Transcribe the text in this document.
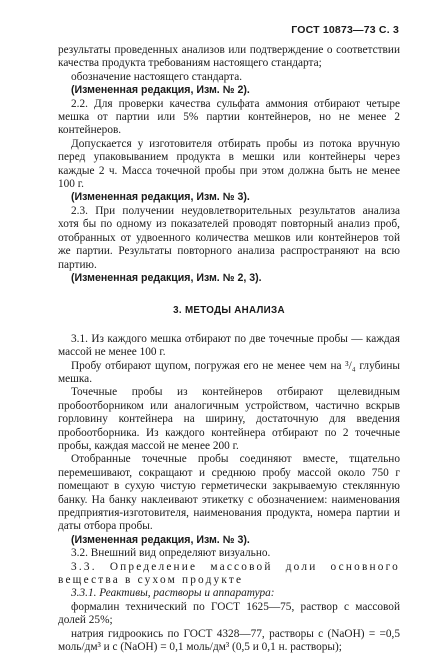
ГОСТ 10873—73 С. 3

результаты проведенных анализов или подтверждение о соответствии качества продукта требованиям настоящего стандарта;

обозначение настоящего стандарта.

(Измененная редакция, Изм. № 2).

2.2. Для проверки качества сульфата аммония отбирают четыре мешка от партии или 5% партии контейнеров, но не менее 2 контейнеров.

Допускается у изготовителя отбирать пробы из потока вручную перед упаковыванием продукта в мешки или контейнеры через каждые 2 ч. Масса точечной пробы при этом должна быть не менее 100 г.

(Измененная редакция, Изм. № 3).

2.3. При получении неудовлетворительных результатов анализа хотя бы по одному из показателей проводят повторный анализ проб, отобранных от удвоенного количества мешков или контейнеров той же партии. Результаты повторного анализа распространяют на всю партию.

(Измененная редакция, Изм. № 2, 3).

3. МЕТОДЫ АНАЛИЗА

3.1. Из каждого мешка отбирают по две точечные пробы — каждая массой не менее 100 г.

Пробу отбирают щупом, погружая его не менее чем на ³/₄ глубины мешка.

Точечные пробы из контейнеров отбирают щелевидным пробоотборником или аналогичным устройством, частично вскрыв горловину контейнера на ширину, достаточную для введения пробоотборника. Из каждого контейнера отбирают по 2 точечные пробы, каждая массой не менее 200 г.

Отобранные точечные пробы соединяют вместе, тщательно перемешивают, сокращают и среднюю пробу массой около 750 г помещают в сухую чистую герметически закрываемую стеклянную банку. На банку наклеивают этикетку с обозначением: наименования предприятия-изготовителя, наименования продукта, номера партии и даты отбора пробы.

(Измененная редакция, Изм. № 3).

3.2. Внешний вид определяют визуально.

3.3. Определение массовой доли основного вещества в сухом продукте

3.3.1. Реактивы, растворы и аппаратура:

формалин технический по ГОСТ 1625—75, раствор с массовой долей 25%;

натрия гидроокись по ГОСТ 4328—77, растворы с (NaOH) = =0,5 моль/дм³ и с (NaOH) = 0,1 моль/дм³ (0,5 и 0,1 н. растворы);
